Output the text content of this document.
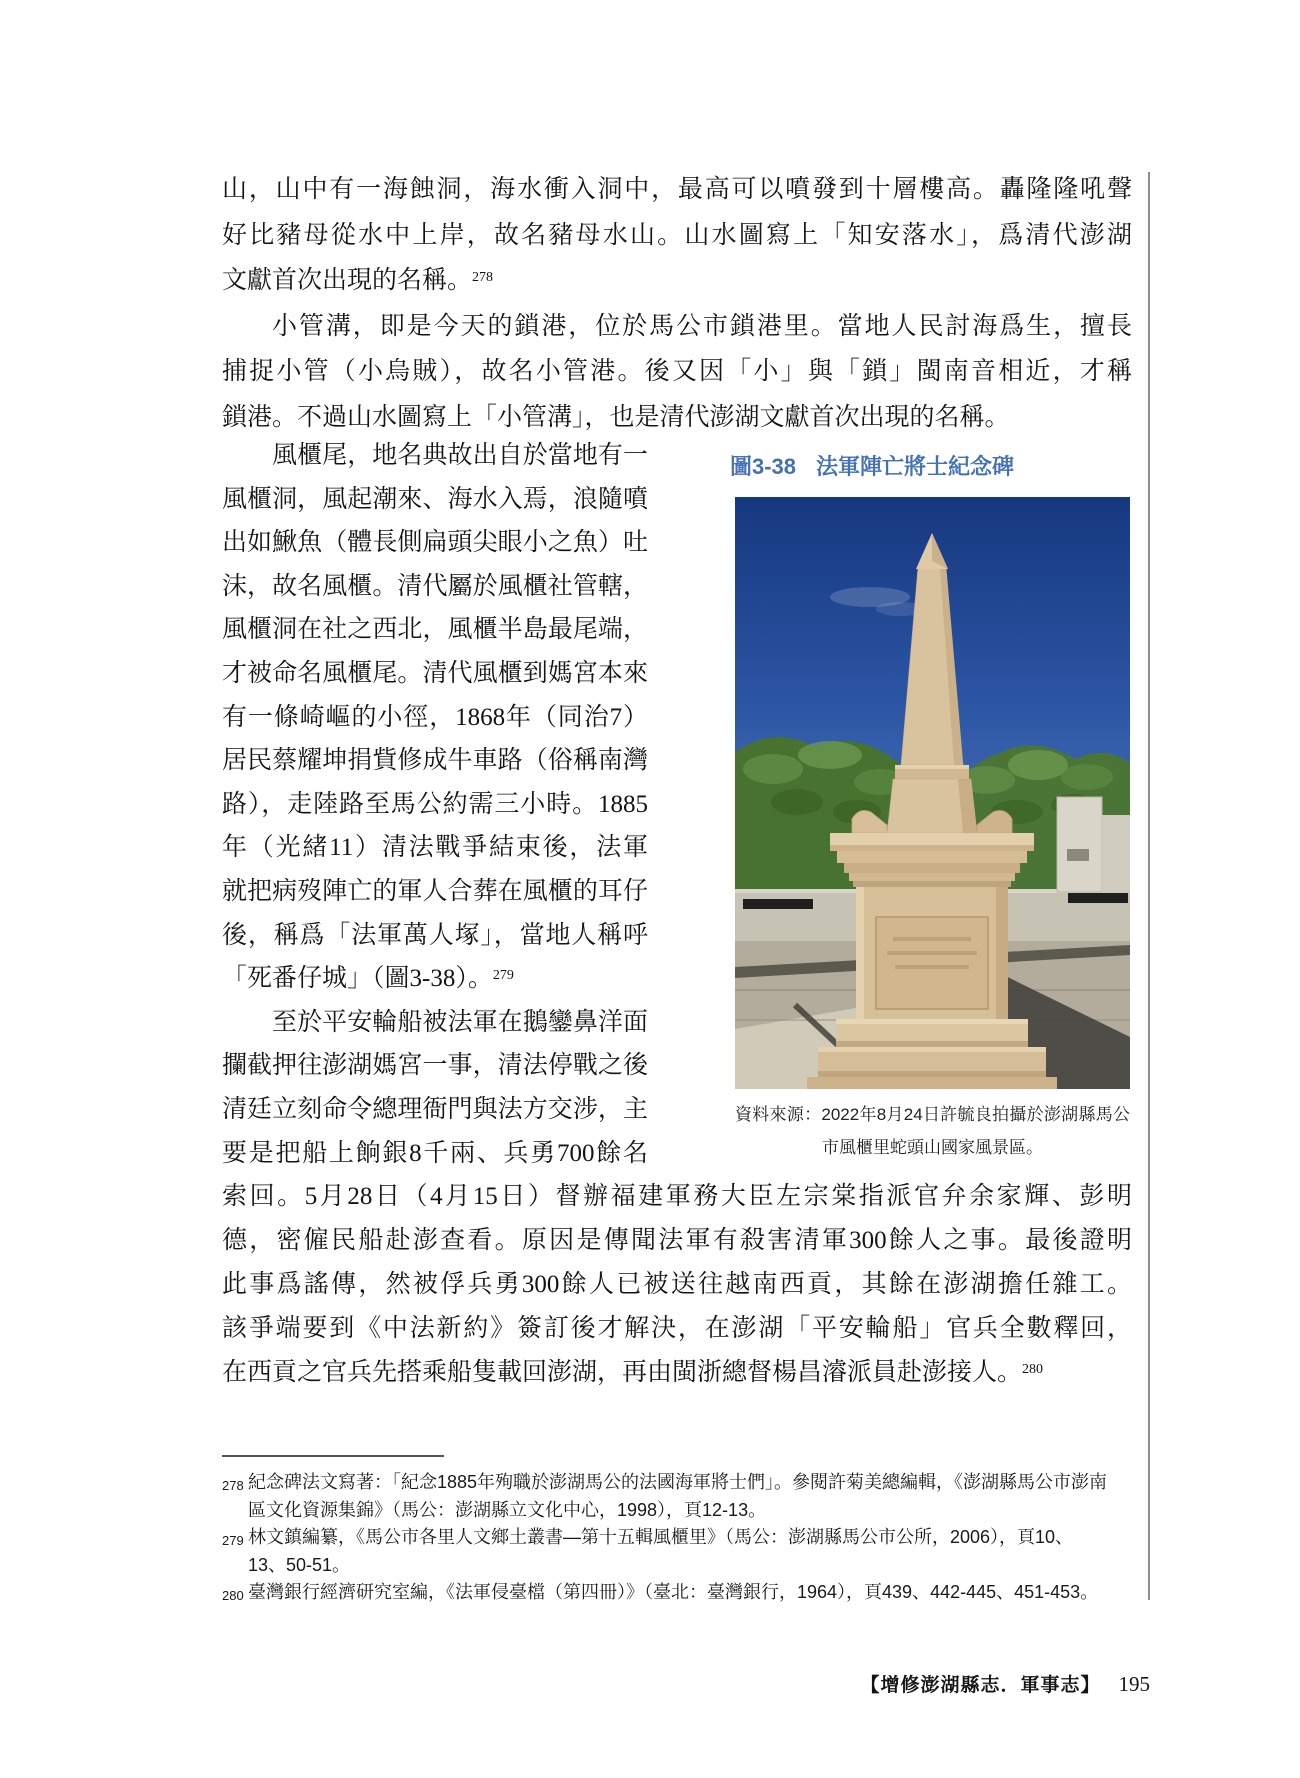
山，山中有一海蝕洞，海水衝入洞中，最高可以噴發到十層樓高。轟隆隆吼聲
好比豬母從水中上岸，故名豬母水山。山水圖寫上「知安落水」，爲清代澎湖
文獻首次出現的名稱。$^{278}$
小管溝，即是今天的鎖港，位於馬公市鎖港里。當地人民討海爲生，擅長
捕捉小管（小烏賊），故名小管港。後又因「小」與「鎖」閩南音相近，才稱
鎖港。不過山水圖寫上「小管溝」，也是清代澎湖文獻首次出現的名稱。
風櫃尾，地名典故出自於當地有一
風櫃洞，風起潮來、海水入焉，浪隨噴
出如鰍魚（體長側扁頭尖眼小之魚）吐
沫，故名風櫃。清代屬於風櫃社管轄，
風櫃洞在社之西北，風櫃半島最尾端，
才被命名風櫃尾。清代風櫃到媽宮本來
有一條崎嶇的小徑，1868年（同治7）
居民蔡耀坤捐貲修成牛車路（俗稱南灣
路），走陸路至馬公約需三小時。1885
年（光緒11）清法戰爭結束後，法軍
就把病歿陣亡的軍人合葬在風櫃的耳仔
後，稱爲「法軍萬人塚」，當地人稱呼
「死番仔城」（圖3-38）。$^{279}$
至於平安輪船被法軍在鵝鑾鼻洋面
攔截押往澎湖媽宮一事，清法停戰之後
清廷立刻命令總理衙門與法方交涉，主
要是把船上餉銀8千兩、兵勇700餘名
索回。5月28日（4月15日）督辦福建軍務大臣左宗棠指派官弁余家輝、彭明
德，密僱民船赴澎查看。原因是傳聞法軍有殺害清軍300餘人之事。最後證明
此事爲謠傳，然被俘兵勇300餘人已被送往越南西貢，其餘在澎湖擔任雜工。
該爭端要到《中法新約》簽訂後才解決，在澎湖「平安輪船」官兵全數釋回，
在西貢之官兵先搭乘船隻載回澎湖，再由閩浙總督楊昌濬派員赴澎接人。$^{280}$
圖3-38 法軍陣亡將士紀念碑
資料來源：2022年8月24日許毓良拍攝於澎湖縣馬公
市風櫃里蛇頭山國家風景區。
278 紀念碑法文寫著：「紀念1885年殉職於澎湖馬公的法國海軍將士們」。參閱許菊美總編輯，《澎湖縣馬公市澎南
區文化資源集錦》（馬公：澎湖縣立文化中心，1998），頁12-13。
279 林文鎮編纂，《馬公市各里人文鄉土叢書—第十五輯風櫃里》（馬公：澎湖縣馬公市公所，2006），頁10、
13、50-51。
280 臺灣銀行經濟研究室編，《法軍侵臺檔（第四冊）》（臺北：臺灣銀行，1964），頁439、442-445、451-453。
【增修澎湖縣志．軍事志】 195
